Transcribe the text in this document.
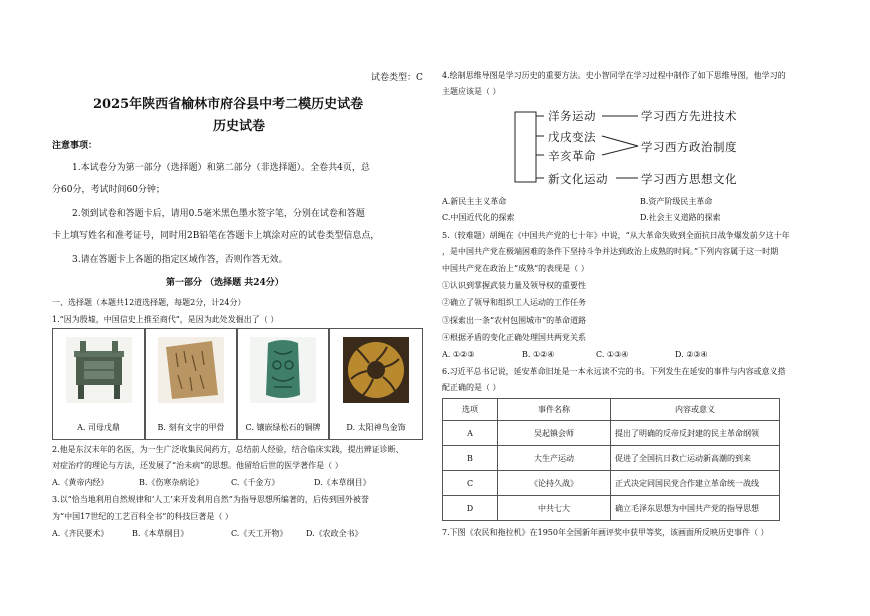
试卷类型：C
2025年陕西省榆林市府谷县中考二模历史试卷
历史试卷
注意事项：
1.本试卷分为第一部分（选择题）和第二部分（非选择题）。全卷共4页，总
分60分，考试时间60分钟；
2.领到试卷和答题卡后，请用0.5毫米黑色墨水签字笔，分别在试卷和答题
卡上填写姓名和准考证号，同时用2B铅笔在答题卡上填涂对应的试卷类型信息点，
3.请在答题卡上各题的指定区域作答，否则作答无效。
第一部分 （选择题 共24分）
一、选择题（本题共12道选择题，每题2分，计24分）
1.“因为殷墟，中国信史上推至商代”，是因为此处发掘出了（ ）
A. 司母戊鼎	B. 刻有文字的甲骨	C. 镶嵌绿松石的铜牌	D. 太阳神鸟金饰
2.他是东汉末年的名医，为一生广泛收集民间药方，总结前人经验，结合临床实践，提出辨证诊断、
对症治疗的理论与方法，还发展了“治未病”的思想。他留给后世的医学著作是（ ）
A.《黄帝内经》	B.《伤寒杂病论》	C.《千金方》	D.《本草纲目》
3.以“恰当地利用自然规律和‘人工’来开发利用自然”为指导思想所编著的，后传到国外被誉
为“中国17世纪的工艺百科全书”的科技巨著是（ ）
A.《齐民要术》	B.《本草纲目》	C.《天工开物》 D.《农政全书》
4.绘制思维导图是学习历史的重要方法。史小智同学在学习过程中制作了如下思维导图，他学习的
主题应该是（ ）
洋务运动
戊戌变法
辛亥革命
新文化运动
学习西方先进技术
学习西方政治制度
学习西方思想文化
A.新民主主义革命	B.资产阶级民主革命
C.中国近代化的探索	D.社会主义道路的探索
5.（较难题）胡绳在《中国共产党的七十年》中说，“从大革命失败到全面抗日战争爆发前夕这十年
，是中国共产党在极端困难的条件下坚持斗争并达到政治上成熟的时间。”下列内容属于这一时期
中国共产党在政治上“成熟”的表现是（ ）
①认识到掌握武装力量及领导权的重要性
②确立了领导和组织工人运动的工作任务
③探索出一条“农村包围城市”的革命道路
④根据矛盾的变化正确处理国共两党关系
A. ①②③	B. ①②④	C. ①③④	D. ②③④
6.习近平总书记说，延安革命旧址是一本永远读不完的书。下列发生在延安的事件与内容或意义搭
配正确的是（ ）
选项	事件名称	内容或意义
A	吴起镇会师	提出了明确的反帝反封建的民主革命纲领
B	大生产运动	促进了全国抗日救亡运动新高潮的到来
C	《论持久战》	正式决定同国民党合作建立革命统一战线
D	中共七大	确立毛泽东思想为中国共产党的指导思想
7.下图《农民和拖拉机》在1950年全国新年画评奖中获甲等奖，该画面所反映历史事件（ ）
